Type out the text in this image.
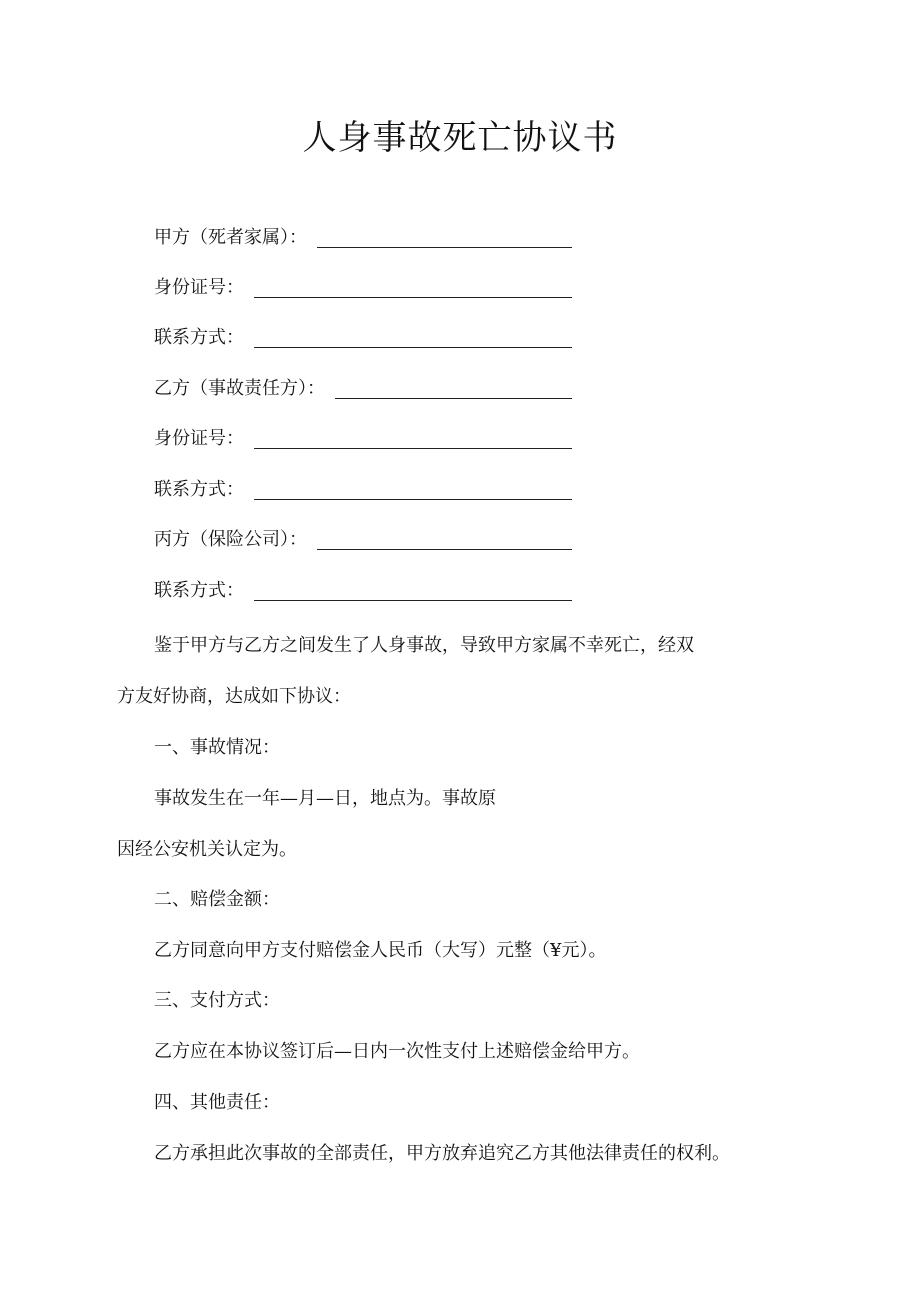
人身事故死亡协议书
甲方（死者家属）：
身份证号：
联系方式：
乙方（事故责任方）：
身份证号：
联系方式：
丙方（保险公司）：
联系方式：
鉴于甲方与乙方之间发生了人身事故，导致甲方家属不幸死亡，经双
方友好协商，达成如下协议：
一、事故情况：
事故发生在一年—月—日，地点为。事故原
因经公安机关认定为。
二、赔偿金额：
乙方同意向甲方支付赔偿金人民币（大写）元整（¥元）。
三、支付方式：
乙方应在本协议签订后—日内一次性支付上述赔偿金给甲方。
四、其他责任：
乙方承担此次事故的全部责任，甲方放弃追究乙方其他法律责任的权利。
